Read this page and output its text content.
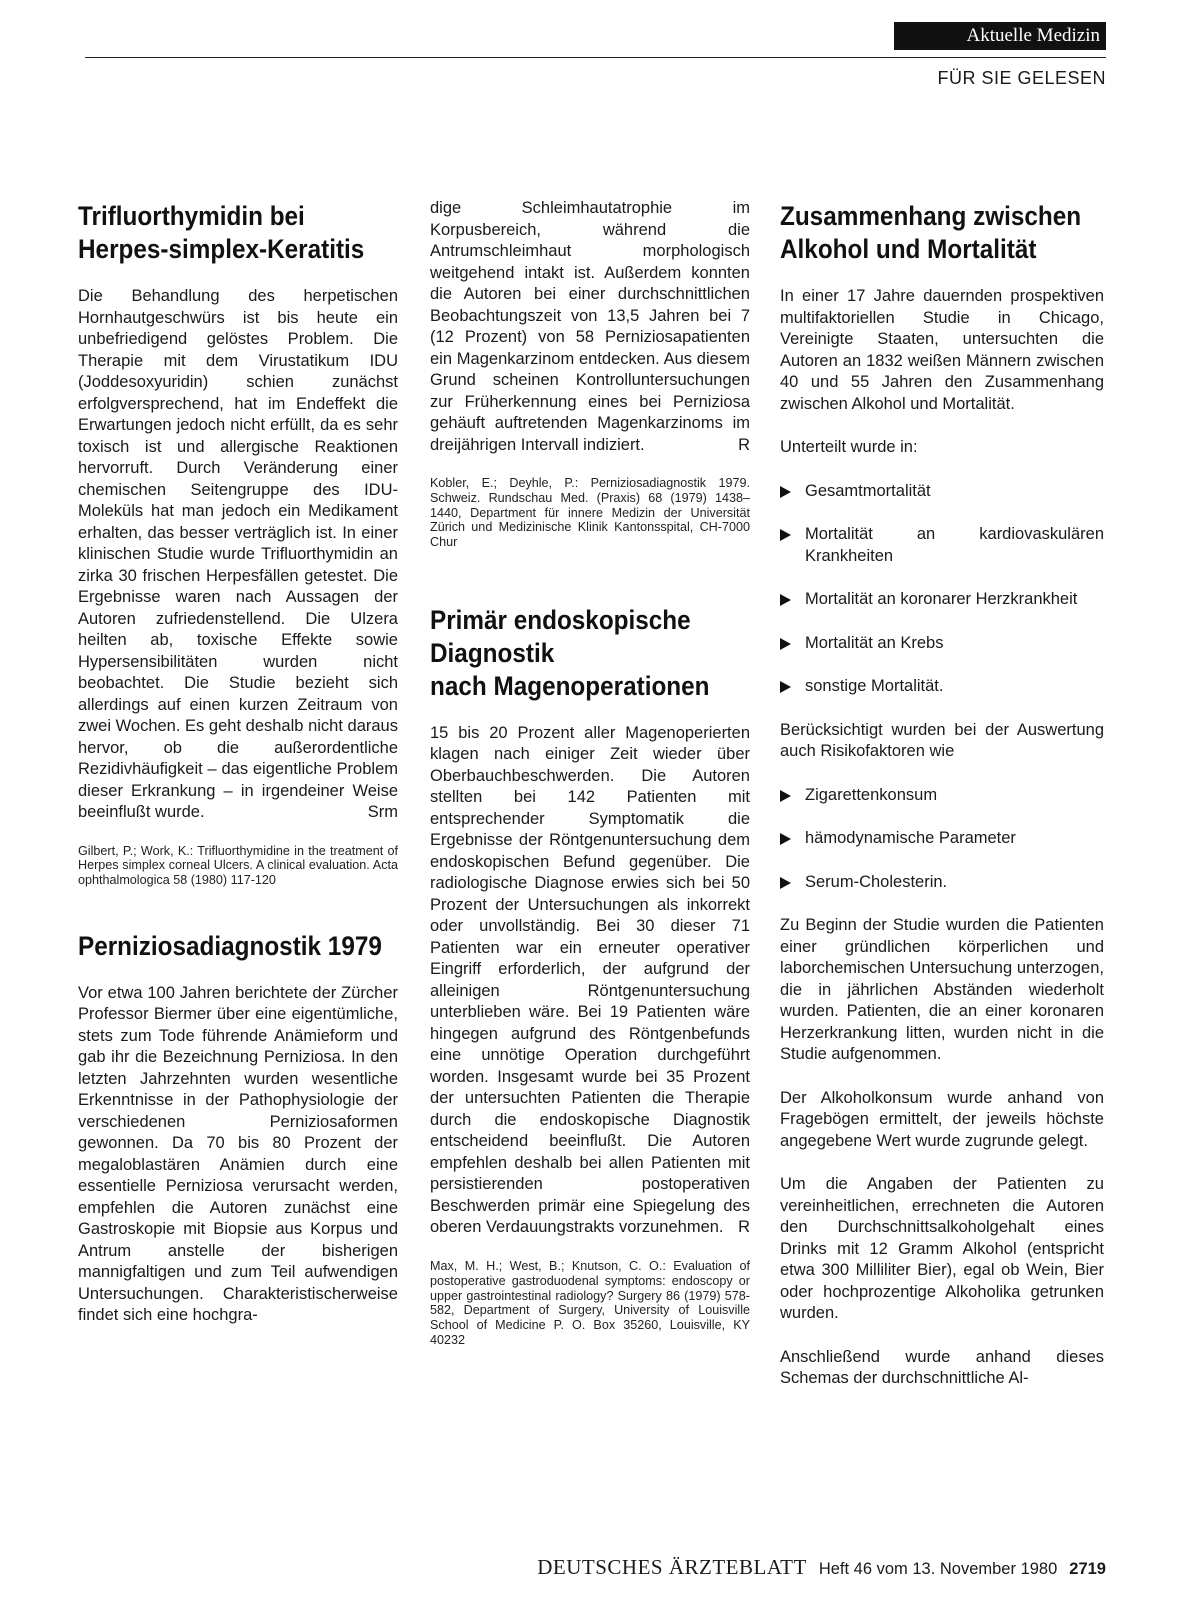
Aktuelle Medizin
FÜR SIE GELESEN
Trifluorthymidin bei
Herpes-simplex-Keratitis

Die Behandlung des herpetischen Hornhautgeschwürs ist bis heute ein unbefriedigend gelöstes Problem. Die Therapie mit dem Virustatikum IDU (Joddesoxyuridin) schien zunächst erfolgversprechend, hat im Endeffekt die Erwartungen jedoch nicht erfüllt, da es sehr toxisch ist und allergische Reaktionen hervorruft. Durch Veränderung einer chemischen Seitengruppe des IDU-Moleküls hat man jedoch ein Medikament erhalten, das besser verträglich ist. In einer klinischen Studie wurde Trifluorthymidin an zirka 30 frischen Herpesfällen getestet. Die Ergebnisse waren nach Aussagen der Autoren zufriedenstellend. Die Ulzera heilten ab, toxische Effekte sowie Hypersensibilitäten wurden nicht beobachtet. Die Studie bezieht sich allerdings auf einen kurzen Zeitraum von zwei Wochen. Es geht deshalb nicht daraus hervor, ob die außerordentliche Rezidivhäufigkeit – das eigentliche Problem dieser Erkrankung – in irgendeiner Weise beeinflußt wurde.	Srm

Gilbert, P.; Work, K.: Trifluorthymidine in the treatment of Herpes simplex corneal Ulcers. A clinical evaluation. Acta ophthalmologica 58 (1980) 117-120

Perniziosadiagnostik 1979

Vor etwa 100 Jahren berichtete der Zürcher Professor Biermer über eine eigentümliche, stets zum Tode führende Anämieform und gab ihr die Bezeichnung Perniziosa. In den letzten Jahrzehnten wurden wesentliche Erkenntnisse in der Pathophysiologie der verschiedenen Perniziosaformen gewonnen. Da 70 bis 80 Prozent der megaloblastären Anämien durch eine essentielle Perniziosa verursacht werden, empfehlen die Autoren zunächst eine Gastroskopie mit Biopsie aus Korpus und Antrum anstelle der bisherigen mannigfaltigen und zum Teil aufwendigen Untersuchungen. Charakteristischerweise findet sich eine hochgra-

dige Schleimhautatrophie im Korpusbereich, während die Antrumschleimhaut morphologisch weitgehend intakt ist. Außerdem konnten die Autoren bei einer durchschnittlichen Beobachtungszeit von 13,5 Jahren bei 7 (12 Prozent) von 58 Perniziosapatienten ein Magenkarzinom entdecken. Aus diesem Grund scheinen Kontrolluntersuchungen zur Früherkennung eines bei Perniziosa gehäuft auftretenden Magenkarzinoms im dreijährigen Intervall indiziert.	R

Kobler, E.; Deyhle, P.: Perniziosadiagnostik 1979. Schweiz. Rundschau Med. (Praxis) 68 (1979) 1438–1440, Department für innere Medizin der Universität Zürich und Medizinische Klinik Kantonsspital, CH-7000 Chur

Primär endoskopische
Diagnostik
nach Magenoperationen

15 bis 20 Prozent aller Magenoperierten klagen nach einiger Zeit wieder über Oberbauchbeschwerden. Die Autoren stellten bei 142 Patienten mit entsprechender Symptomatik die Ergebnisse der Röntgenuntersuchung dem endoskopischen Befund gegenüber. Die radiologische Diagnose erwies sich bei 50 Prozent der Untersuchungen als inkorrekt oder unvollständig. Bei 30 dieser 71 Patienten war ein erneuter operativer Eingriff erforderlich, der aufgrund der alleinigen Röntgenuntersuchung unterblieben wäre. Bei 19 Patienten wäre hingegen aufgrund des Röntgenbefunds eine unnötige Operation durchgeführt worden. Insgesamt wurde bei 35 Prozent der untersuchten Patienten die Therapie durch die endoskopische Diagnostik entscheidend beeinflußt. Die Autoren empfehlen deshalb bei allen Patienten mit persistierenden postoperativen Beschwerden primär eine Spiegelung des oberen Verdauungstrakts vorzunehmen. R

Max, M. H.; West, B.; Knutson, C. O.: Evaluation of postoperative gastroduodenal symptoms: endoscopy or upper gastrointestinal radiology? Surgery 86 (1979) 578-582, Department of Surgery, University of Louisville School of Medicine P. O. Box 35260, Louisville, KY 40232

Zusammenhang zwischen
Alkohol und Mortalität

In einer 17 Jahre dauernden prospektiven multifaktoriellen Studie in Chicago, Vereinigte Staaten, untersuchten die Autoren an 1832 weißen Männern zwischen 40 und 55 Jahren den Zusammenhang zwischen Alkohol und Mortalität.

Unterteilt wurde in:

Gesamtmortalität
Mortalität an kardiovaskulären Krankheiten
Mortalität an koronarer Herzkrankheit
Mortalität an Krebs
sonstige Mortalität.

Berücksichtigt wurden bei der Auswertung auch Risikofaktoren wie

Zigarettenkonsum
hämodynamische Parameter
Serum-Cholesterin.

Zu Beginn der Studie wurden die Patienten einer gründlichen körperlichen und laborchemischen Untersuchung unterzogen, die in jährlichen Abständen wiederholt wurden. Patienten, die an einer koronaren Herzerkrankung litten, wurden nicht in die Studie aufgenommen.

Der Alkoholkonsum wurde anhand von Fragebögen ermittelt, der jeweils höchste angegebene Wert wurde zugrunde gelegt.

Um die Angaben der Patienten zu vereinheitlichen, errechneten die Autoren den Durchschnittsalkoholgehalt eines Drinks mit 12 Gramm Alkohol (entspricht etwa 300 Milliliter Bier), egal ob Wein, Bier oder hochprozentige Alkoholika getrunken wurden.

Anschließend wurde anhand dieses Schemas der durchschnittliche Al-

DEUTSCHES ÄRZTEBLATT Heft 46 vom 13. November 1980 2719
